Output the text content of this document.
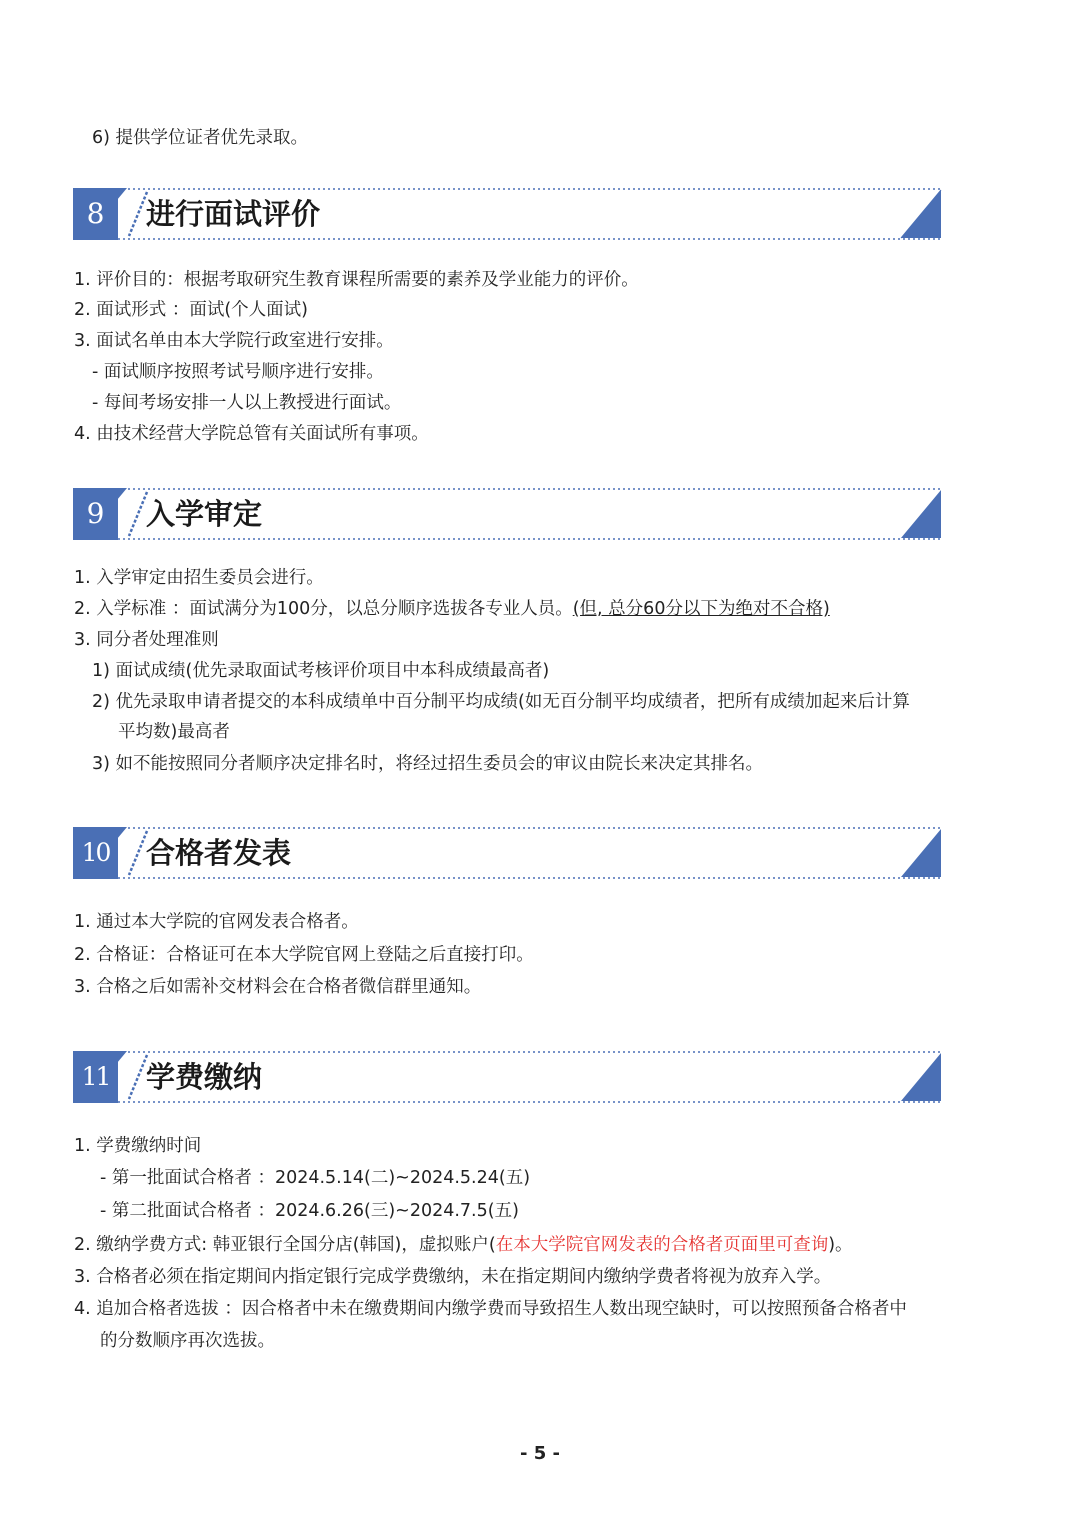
6) 提供学位证者优先录取。
8	进行面试评价
1. 评价目的：根据考取研究生教育课程所需要的素养及学业能力的评价。
2. 面试形式 ：面试(个人面试)
3. 面试名单由本大学院行政室进行安排。
- 面试顺序按照考试号顺序进行安排。
- 每间考场安排一人以上教授进行面试。
4. 由技术经营大学院总管有关面试所有事项。
9	入学审定
1. 入学审定由招生委员会进行。
2. 入学标准 ：面试满分为100分，以总分顺序选拔各专业人员。(但, 总分60分以下为绝对不合格)
3. 同分者处理准则
1) 面试成绩(优先录取面试考核评价项目中本科成绩最高者)
2) 优先录取申请者提交的本科成绩单中百分制平均成绩(如无百分制平均成绩者，把所有成绩加起来后计算
平均数)最高者
3) 如不能按照同分者顺序决定排名时，将经过招生委员会的审议由院长来决定其排名。
10 合格者发表
1. 通过本大学院的官网发表合格者。
2. 合格证：合格证可在本大学院官网上登陆之后直接打印。
3. 合格之后如需补交材料会在合格者微信群里通知。
11 学费缴纳
1. 学费缴纳时间
- 第一批面试合格者 ：2024.5.14(二)~2024.5.24(五)
- 第二批面试合格者 ：2024.6.26(三)~2024.7.5(五)
2. 缴纳学费方式: 韩亚银行全国分店(韩国)，虚拟账户(在本大学院官网发表的合格者页面里可查询)。
3. 合格者必须在指定期间内指定银行完成学费缴纳，未在指定期间内缴纳学费者将视为放弃入学。
4. 追加合格者选拔 ：因合格者中未在缴费期间内缴学费而导致招生人数出现空缺时，可以按照预备合格者中
的分数顺序再次选拔。
- 5 -
